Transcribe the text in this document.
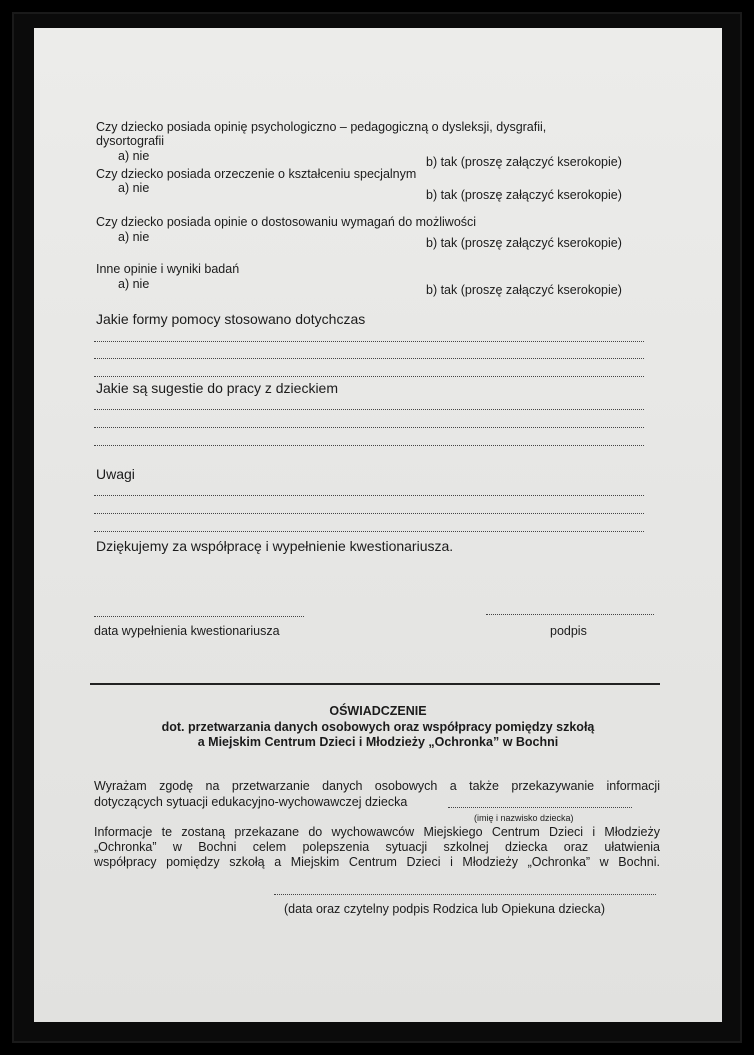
Czy dziecko posiada opinię psychologiczno – pedagogiczną o dysleksji, dysgrafii,
dysortografii
a) nie	b) tak (proszę załączyć kserokopie)
Czy dziecko posiada orzeczenie o kształceniu specjalnym
a) nie	b) tak (proszę załączyć kserokopie)
Czy dziecko posiada opinie o dostosowaniu wymagań do możliwości
a) nie	b) tak (proszę załączyć kserokopie)
Inne opinie i wyniki badań
a) nie	b) tak (proszę załączyć kserokopie)
Jakie formy pomocy stosowano dotychczas
Jakie są sugestie do pracy z dzieckiem
Uwagi
Dziękujemy za współpracę i wypełnienie kwestionariusza.
data wypełnienia kwestionariusza	podpis
OŚWIADCZENIE
dot. przetwarzania danych osobowych oraz współpracy pomiędzy szkołą
a Miejskim Centrum Dzieci i Młodzieży „Ochronka” w Bochni
Wyrażam zgodę na przetwarzanie danych osobowych a także przekazywanie informacji
dotyczących sytuacji edukacyjno-wychowawczej dziecka
(imię i nazwisko dziecka)
Informacje te zostaną przekazane do wychowawców Miejskiego Centrum Dzieci i Młodzieży
„Ochronka” w Bochni celem polepszenia sytuacji szkolnej dziecka oraz ułatwienia
współpracy pomiędzy szkołą a Miejskim Centrum Dzieci i Młodzieży „Ochronka” w Bochni.
(data oraz czytelny podpis Rodzica lub Opiekuna dziecka)
